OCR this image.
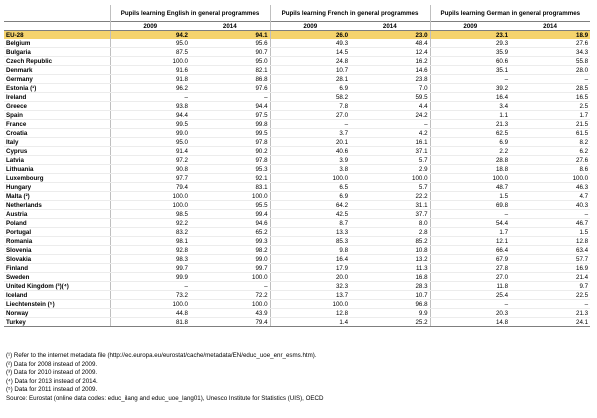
	Pupils learning English in general programmes		Pupils learning French in general programmes		Pupils learning German in general programmes	
	2009	2014	2009	2014	2009	2014
EU-28	94.2	94.1	26.0	23.0	23.1	18.9
Belgium	95.0	95.6	49.3	48.4	29.3	27.6
Bulgaria	87.5	90.7	14.5	12.4	35.9	34.3
Czech Republic	100.0	95.0	24.8	16.2	60.6	55.8
Denmark	91.6	82.1	10.7	14.6	35.1	28.0
Germany	91.8	86.8	28.1	23.8	–	–
Estonia (¹)	96.2	97.6	6.9	7.0	39.2	28.5
Ireland	–	–	58.2	59.5	16.4	16.5
Greece	93.8	94.4	7.8	4.4	3.4	2.5
Spain	94.4	97.5	27.0	24.2	1.1	1.7
France	99.5	99.8	–	–	21.3	21.5
Croatia	99.0	99.5	3.7	4.2	62.5	61.5
Italy	95.0	97.8	20.1	16.1	6.9	8.2
Cyprus	91.4	90.2	40.6	37.1	2.2	6.2
Latvia	97.2	97.8	3.9	5.7	28.8	27.6
Lithuania	90.8	95.3	3.8	2.9	18.8	8.6
Luxembourg	97.7	92.1	100.0	100.0	100.0	100.0
Hungary	79.4	83.1	6.5	5.7	48.7	46.3
Malta (²)	100.0	100.0	6.9	22.2	1.5	4.7
Netherlands	100.0	95.5	64.2	31.1	69.8	40.3
Austria	98.5	99.4	42.5	37.7	–	–
Poland	92.2	94.6	8.7	8.0	54.4	46.7
Portugal	83.2	65.2	13.3	2.8	1.7	1.5
Romania	98.1	99.3	85.3	85.2	12.1	12.8
Slovenia	92.8	98.2	9.8	10.8	66.4	63.4
Slovakia	98.3	99.0	16.4	13.2	67.9	57.7
Finland	99.7	99.7	17.9	11.3	27.8	16.9
Sweden	99.9	100.0	20.0	16.8	27.0	21.4
United Kingdom (³)(⁴)	–	–	32.3	28.3	11.8	9.7
Iceland	73.2	72.2	13.7	10.7	25.4	22.5
Liechtenstein (⁵)	100.0	100.0	100.0	96.8	–	–
Norway	44.8	43.9	12.8	9.9	20.3	21.3
Turkey	81.8	79.4	1.4	25.2	14.8	24.1
(¹) Refer to the internet metadata file (http://ec.europa.eu/eurostat/cache/metadata/EN/educ_uoe_enr_esms.htm).
(²) Data for 2008 instead of 2009.
(³) Data for 2010 instead of 2009.
(⁴) Data for 2013 instead of 2014.
(⁵) Data for 2011 instead of 2009.
Source: Eurostat (online data codes: educ_ilang and educ_uoe_lang01), Unesco Institute for Statistics (UIS), OECD
